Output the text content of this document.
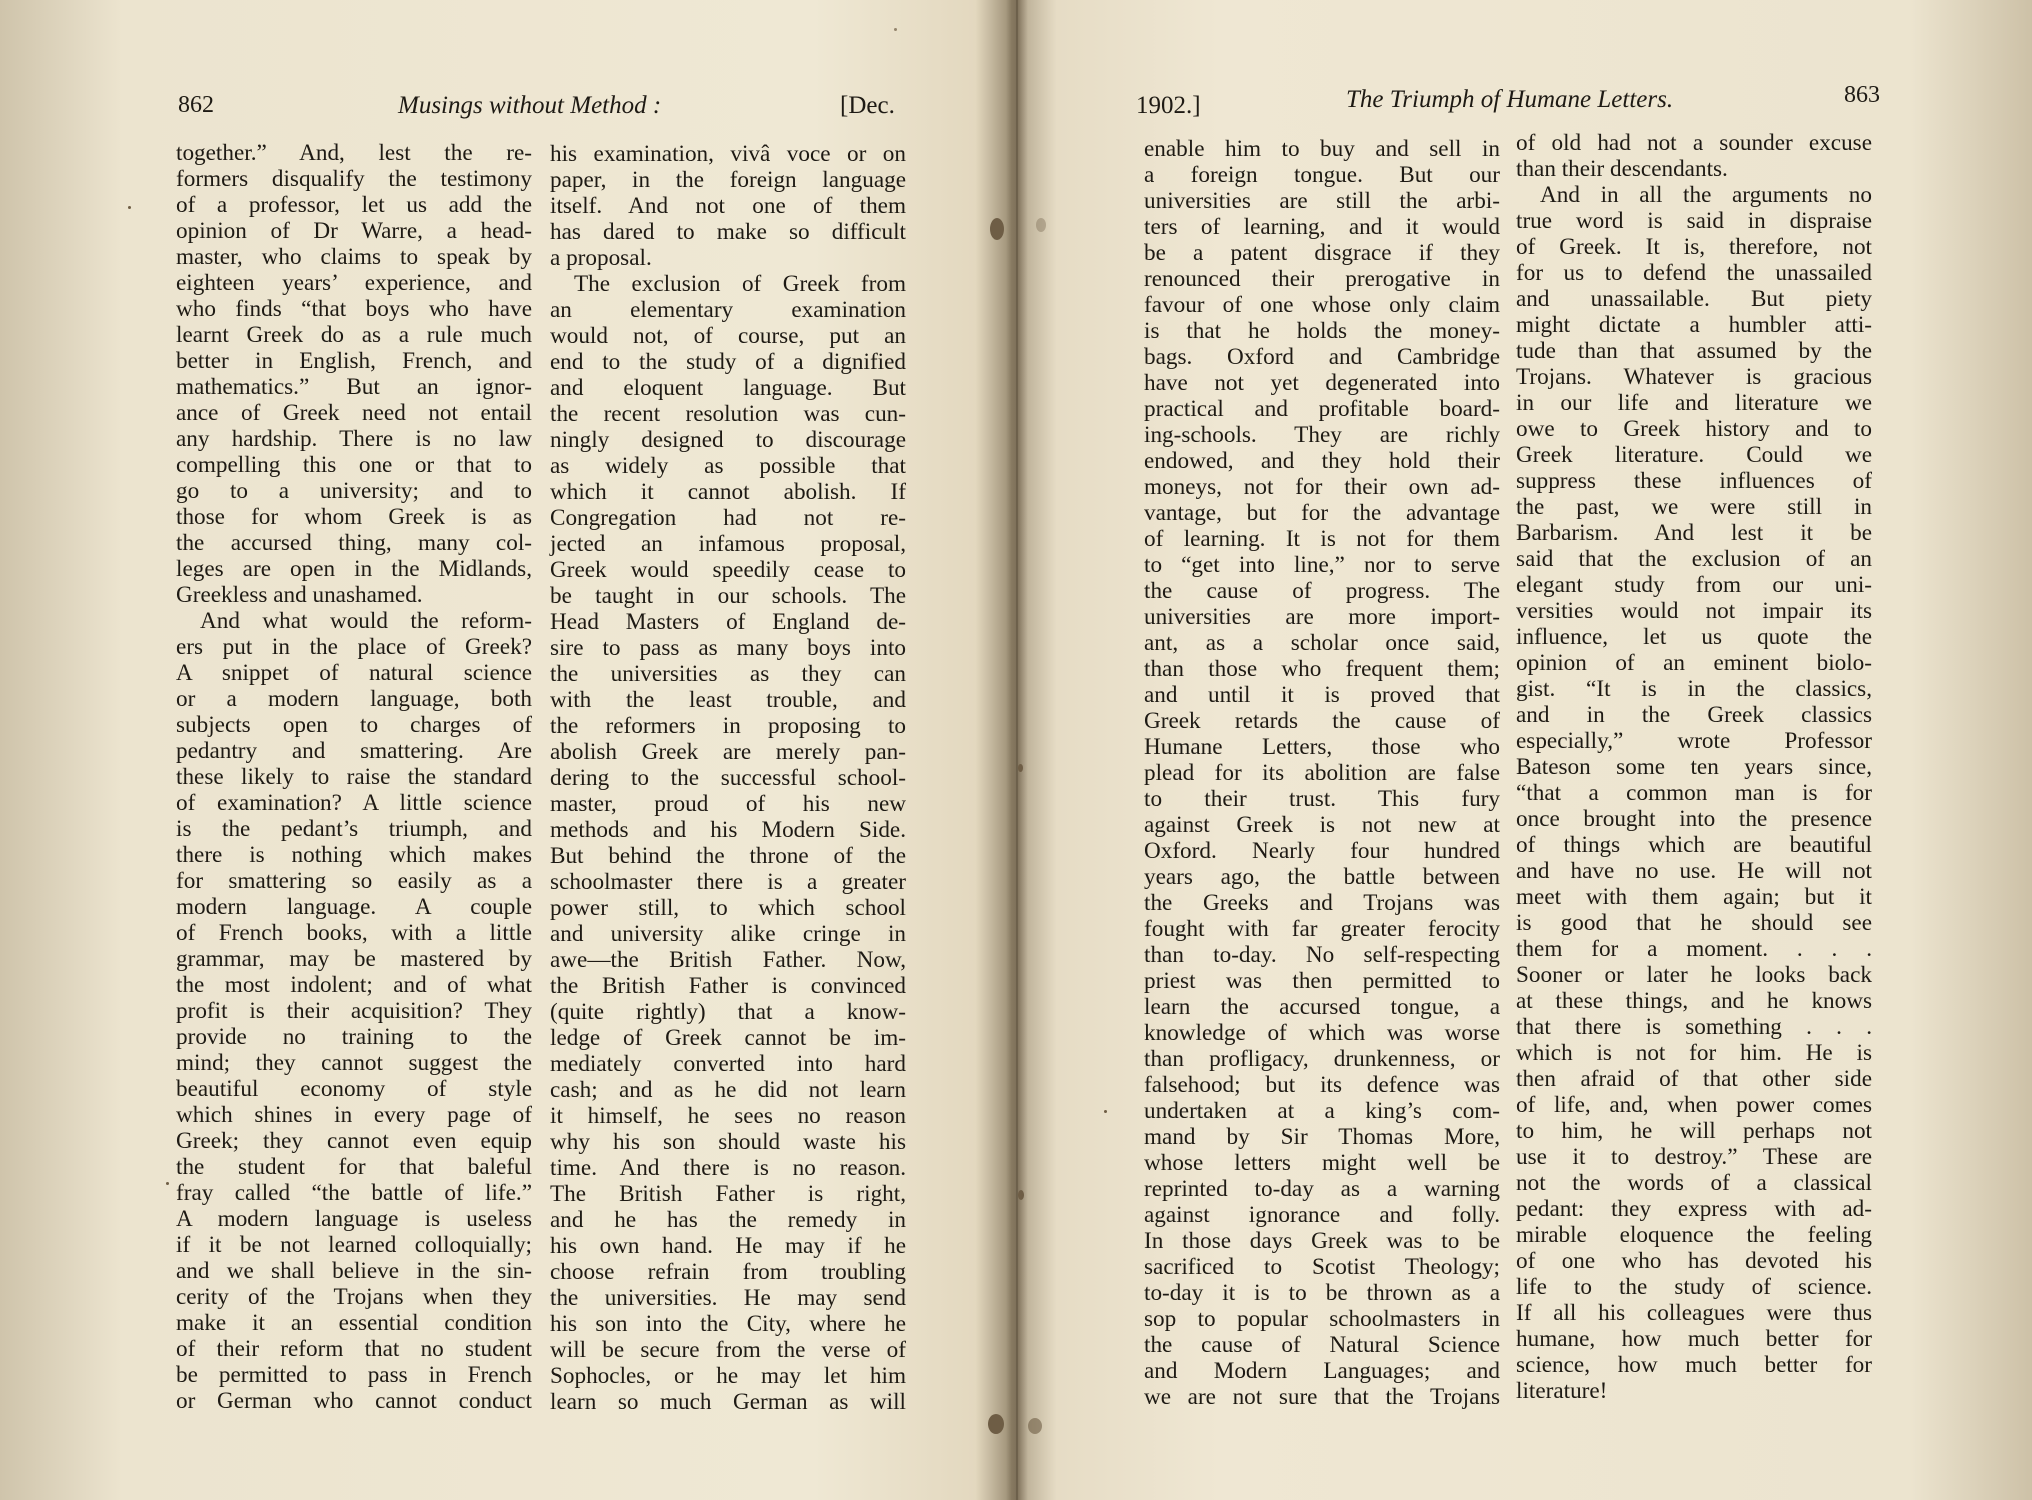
862	Musings without Method :	[Dec.
together.” And, lest the re-
formers disqualify the testimony
of a professor, let us add the
opinion of Dr Warre, a head-
master, who claims to speak by
eighteen years’ experience, and
who finds “that boys who have
learnt Greek do as a rule much
better in English, French, and
mathematics.” But an ignor-
ance of Greek need not entail
any hardship. There is no law
compelling this one or that to
go to a university; and to
those for whom Greek is as
the accursed thing, many col-
leges are open in the Midlands,
Greekless and unashamed.
And what would the reform-
ers put in the place of Greek?
A snippet of natural science
or a modern language, both
subjects open to charges of
pedantry and smattering. Are
these likely to raise the standard
of examination? A little science
is the pedant’s triumph, and
there is nothing which makes
for smattering so easily as a
modern language. A couple
of French books, with a little
grammar, may be mastered by
the most indolent; and of what
profit is their acquisition? They
provide no training to the
mind; they cannot suggest the
beautiful economy of style
which shines in every page of
Greek; they cannot even equip
the student for that baleful
fray called “the battle of life.”
A modern language is useless
if it be not learned colloquially;
and we shall believe in the sin-
cerity of the Trojans when they
make it an essential condition
of their reform that no student
be permitted to pass in French
or German who cannot conduct
his examination, vivâ voce or on
paper, in the foreign language
itself. And not one of them
has dared to make so difficult
a proposal.
The exclusion of Greek from
an elementary examination
would not, of course, put an
end to the study of a dignified
and eloquent language. But
the recent resolution was cun-
ningly designed to discourage
as widely as possible that
which it cannot abolish. If
Congregation had not re-
jected an infamous proposal,
Greek would speedily cease to
be taught in our schools. The
Head Masters of England de-
sire to pass as many boys into
the universities as they can
with the least trouble, and
the reformers in proposing to
abolish Greek are merely pan-
dering to the successful school-
master, proud of his new
methods and his Modern Side.
But behind the throne of the
schoolmaster there is a greater
power still, to which school
and university alike cringe in
awe—the British Father. Now,
the British Father is convinced
(quite rightly) that a know-
ledge of Greek cannot be im-
mediately converted into hard
cash; and as he did not learn
it himself, he sees no reason
why his son should waste his
time. And there is no reason.
The British Father is right,
and he has the remedy in
his own hand. He may if he
choose refrain from troubling
the universities. He may send
his son into the City, where he
will be secure from the verse of
Sophocles, or he may let him
learn so much German as will
1902.]	The Triumph of Humane Letters.	863
enable him to buy and sell in
a foreign tongue. But our
universities are still the arbi-
ters of learning, and it would
be a patent disgrace if they
renounced their prerogative in
favour of one whose only claim
is that he holds the money-
bags. Oxford and Cambridge
have not yet degenerated into
practical and profitable board-
ing-schools. They are richly
endowed, and they hold their
moneys, not for their own ad-
vantage, but for the advantage
of learning. It is not for them
to “get into line,” nor to serve
the cause of progress. The
universities are more import-
ant, as a scholar once said,
than those who frequent them;
and until it is proved that
Greek retards the cause of
Humane Letters, those who
plead for its abolition are false
to their trust. This fury
against Greek is not new at
Oxford. Nearly four hundred
years ago, the battle between
the Greeks and Trojans was
fought with far greater ferocity
than to-day. No self-respecting
priest was then permitted to
learn the accursed tongue, a
knowledge of which was worse
than profligacy, drunkenness, or
falsehood; but its defence was
undertaken at a king’s com-
mand by Sir Thomas More,
whose letters might well be
reprinted to-day as a warning
against ignorance and folly.
In those days Greek was to be
sacrificed to Scotist Theology;
to-day it is to be thrown as a
sop to popular schoolmasters in
the cause of Natural Science
and Modern Languages; and
we are not sure that the Trojans
of old had not a sounder excuse
than their descendants.
And in all the arguments no
true word is said in dispraise
of Greek. It is, therefore, not
for us to defend the unassailed
and unassailable. But piety
might dictate a humbler atti-
tude than that assumed by the
Trojans. Whatever is gracious
in our life and literature we
owe to Greek history and to
Greek literature. Could we
suppress these influences of
the past, we were still in
Barbarism. And lest it be
said that the exclusion of an
elegant study from our uni-
versities would not impair its
influence, let us quote the
opinion of an eminent biolo-
gist. “It is in the classics,
and in the Greek classics
especially,” wrote Professor
Bateson some ten years since,
“that a common man is for
once brought into the presence
of things which are beautiful
and have no use. He will not
meet with them again; but it
is good that he should see
them for a moment. . . .
Sooner or later he looks back
at these things, and he knows
that there is something . . .
which is not for him. He is
then afraid of that other side
of life, and, when power comes
to him, he will perhaps not
use it to destroy.” These are
not the words of a classical
pedant: they express with ad-
mirable eloquence the feeling
of one who has devoted his
life to the study of science.
If all his colleagues were thus
humane, how much better for
science, how much better for
literature!
